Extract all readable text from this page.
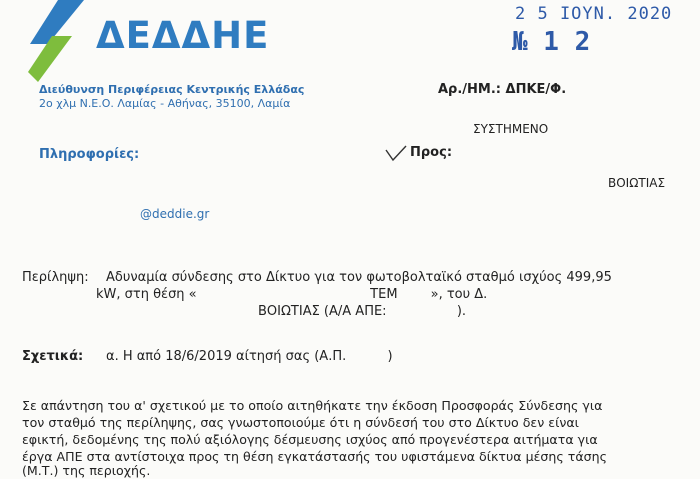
ΔΕΔΔΗΕ
Διεύθυνση Περιφέρειας Κεντρικής Ελλάδας
2ο χλμ Ν.Ε.Ο. Λαμίας - Αθήνας, 35100, Λαμία
2 5 ΙΟΥΝ. 2020
№ 1 2
Αρ./ΗΜ.: ΔΠΚΕ/Φ.
ΣΥΣΤΗΜΕΝΟ
Πληροφορίες:	Προς:
ΒΟΙΩΤΙΑΣ
@deddie.gr
Περίληψη: Αδυναμία σύνδεσης στο Δίκτυο για τον φωτοβολταϊκό σταθμό ισχύος 499,95
kW, στη θέση «                                          ΤΕΜ        », του Δ.
ΒΟΙΩΤΙΑΣ (Α/Α ΑΠΕ:                 ).
Σχετικά: α. Η από 18/6/2019 αίτησή σας (Α.Π.          )
Σε απάντηση του α' σχετικού με το οποίο αιτηθήκατε την έκδοση Προσφοράς Σύνδεσης για
τον σταθμό της περίληψης, σας γνωστοποιούμε ότι η σύνδεσή του στο Δίκτυο δεν είναι
εφικτή, δεδομένης της πολύ αξιόλογης δέσμευσης ισχύος από προγενέστερα αιτήματα για
έργα ΑΠΕ στα αντίστοιχα προς τη θέση εγκατάστασής του υφιστάμενα δίκτυα μέσης τάσης
(Μ.Τ.) της περιοχής.
